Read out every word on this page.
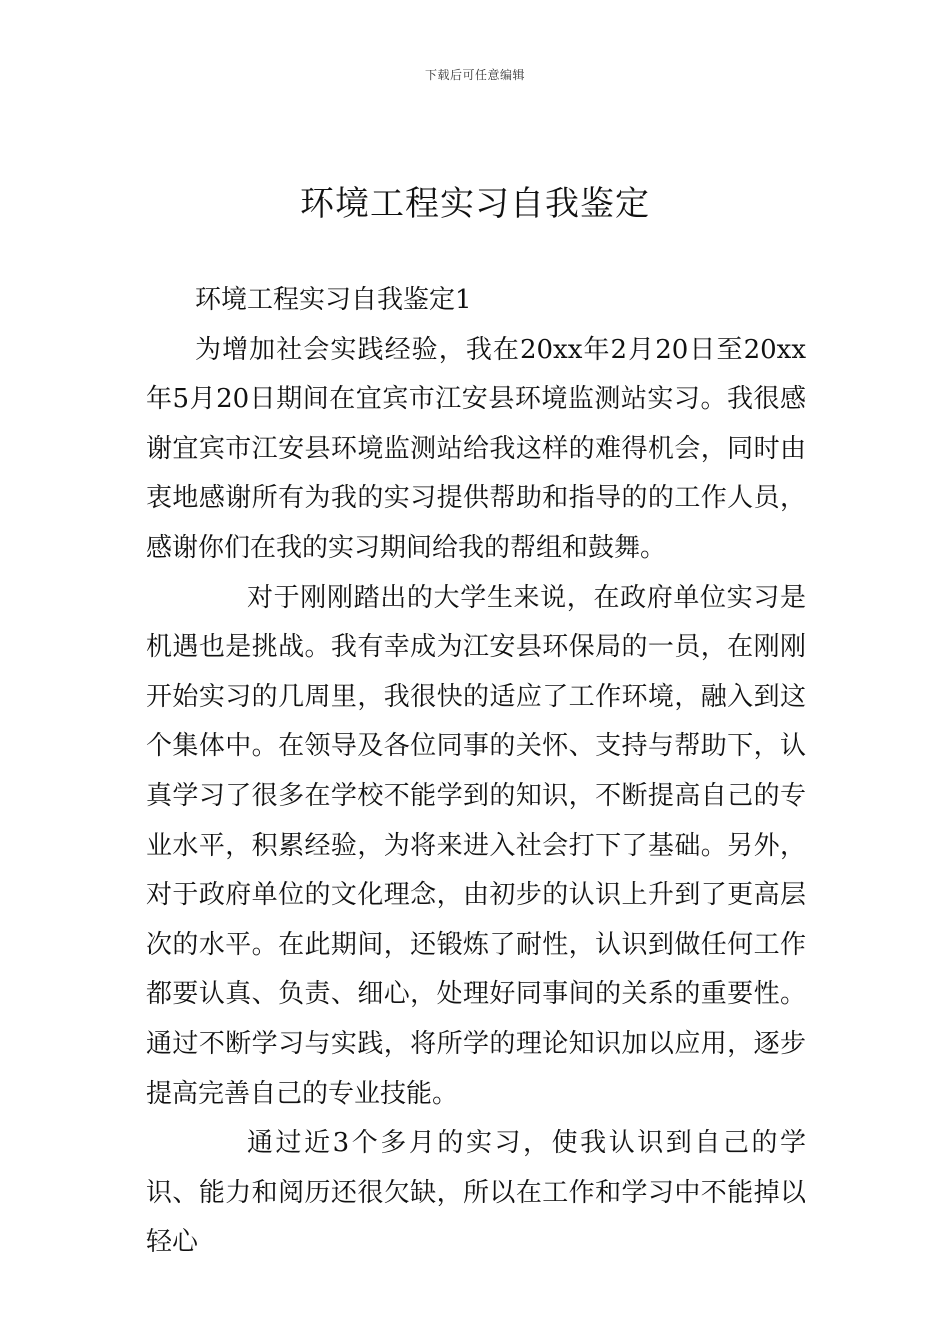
下载后可任意编辑
环境工程实习自我鉴定

环境工程实习自我鉴定1

为增加社会实践经验，我在20xx年2月20日至20xx年5月20日期间在宜宾市江安县环境监测站实习。我很感谢宜宾市江安县环境监测站给我这样的难得机会，同时由衷地感谢所有为我的实习提供帮助和指导的的工作人员，感谢你们在我的实习期间给我的帮组和鼓舞。

对于刚刚踏出的大学生来说，在政府单位实习是机遇也是挑战。我有幸成为江安县环保局的一员，在刚刚开始实习的几周里，我很快的适应了工作环境，融入到这个集体中。在领导及各位同事的关怀、支持与帮助下，认真学习了很多在学校不能学到的知识，不断提高自己的专业水平，积累经验，为将来进入社会打下了基础。另外，对于政府单位的文化理念，由初步的认识上升到了更高层次的水平。在此期间，还锻炼了耐性，认识到做任何工作都要认真、负责、细心，处理好同事间的关系的重要性。通过不断学习与实践，将所学的理论知识加以应用，逐步提高完善自己的专业技能。

通过近3个多月的实习，使我认识到自己的学识、能力和阅历还很欠缺，所以在工作和学习中不能掉以轻心
